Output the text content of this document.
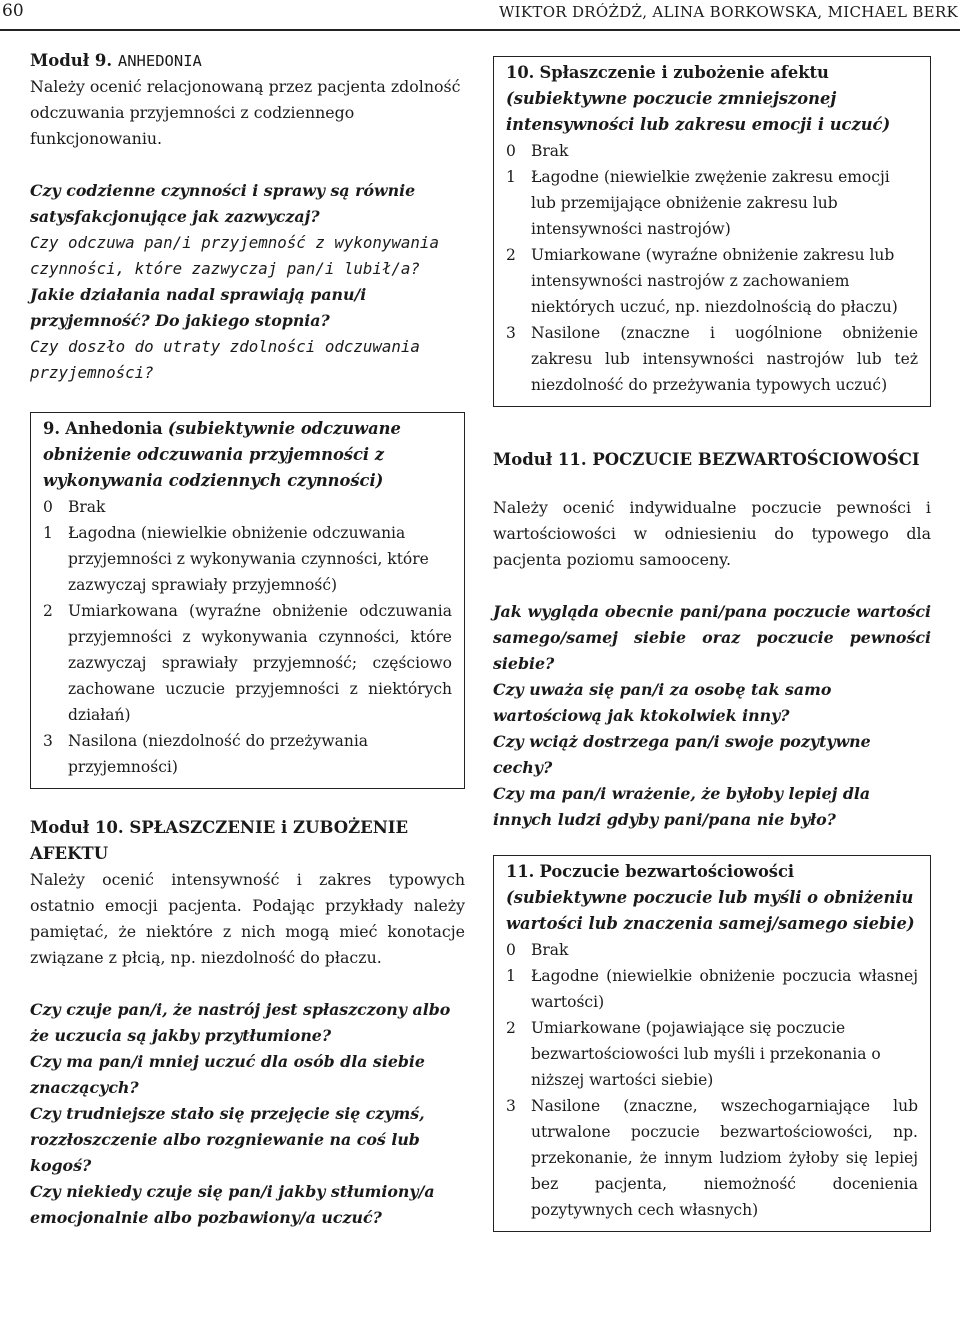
60	WIKTOR DRÓŻDŻ, ALINA BORKOWSKA, MICHAEL BERK

Moduł 9. ANHEDONIA

Należy ocenić relacjonowaną przez pacjenta zdolność odczuwania przyjemności z codziennego funkcjonowaniu.

Czy codzienne czynności i sprawy są równie satysfakcjonujące jak zazwyczaj?

Czy odczuwa pan/i przyjemność z wykonywania czynności, które zazwyczaj pan/i lubił/a?

Jakie działania nadal sprawiają panu/i przyjemność? Do jakiego stopnia?

Czy doszło do utraty zdolności odczuwania przyjemności?

9. Anhedonia (subiektywnie odczuwane obniżenie odczuwania przyjemności z wykonywania codziennych czynności)

0 Brak
1 Łagodna (niewielkie obniżenie odczuwania przyjemności z wykonywania czynności, które zazwyczaj sprawiały przyjemność)
2 Umiarkowana (wyraźne obniżenie odczuwania przyjemności z wykonywania czynności, które zazwyczaj sprawiały przyjemność; częściowo zachowane uczucie przyjemności z niektórych działań)
3 Nasilona (niezdolność do przeżywania przyjemności)

Moduł 10. SPŁASZCZENIE i ZUBOŻENIE AFEKTU

Należy ocenić intensywność i zakres typowych ostatnio emocji pacjenta. Podając przykłady należy pamiętać, że niektóre z nich mogą mieć konotacje związane z płcią, np. niezdolność do płaczu.

Czy czuje pan/i, że nastrój jest spłaszczony albo że uczucia są jakby przytłumione?

Czy ma pan/i mniej uczuć dla osób dla siebie znaczących?

Czy trudniejsze stało się przejęcie się czymś, rozzłoszczenie albo rozgniewanie na coś lub kogoś?

Czy niekiedy czuje się pan/i jakby stłumiony/a emocjonalnie albo pozbawiony/a uczuć?

10. Spłaszczenie i zubożenie afektu (subiektywne poczucie zmniejszonej intensywności lub zakresu emocji i uczuć)

0 Brak
1 Łagodne (niewielkie zwężenie zakresu emocji lub przemijające obniżenie zakresu lub intensywności nastrojów)
2 Umiarkowane (wyraźne obniżenie zakresu lub intensywności nastrojów z zachowaniem niektórych uczuć, np. niezdolnością do płaczu)
3 Nasilone (znaczne i uogólnione obniżenie zakresu lub intensywności nastrojów lub też niezdolność do przeżywania typowych uczuć)

Moduł 11. POCZUCIE BEZWARTOŚCIOWOŚCI

Należy ocenić indywidualne poczucie pewności i wartościowości w odniesieniu do typowego dla pacjenta poziomu samooceny.

Jak wygląda obecnie pani/pana poczucie wartości samego/samej siebie oraz poczucie pewności siebie?

Czy uważa się pan/i za osobę tak samo wartościową jak ktokolwiek inny?

Czy wciąż dostrzega pan/i swoje pozytywne cechy?

Czy ma pan/i wrażenie, że byłoby lepiej dla innych ludzi gdyby pani/pana nie było?

11. Poczucie bezwartościowości (subiektywne poczucie lub myśli o obniżeniu wartości lub znaczenia samej/samego siebie)

0 Brak
1 Łagodne (niewielkie obniżenie poczucia własnej wartości)
2 Umiarkowane (pojawiające się poczucie bezwartościowości lub myśli i przekonania o niższej wartości siebie)
3 Nasilone (znaczne, wszechogarniające lub utrwalone poczucie bezwartościowości, np. przekonanie, że innym ludziom żyłoby się lepiej bez pacjenta, niemożność docenienia pozytywnych cech własnych)
